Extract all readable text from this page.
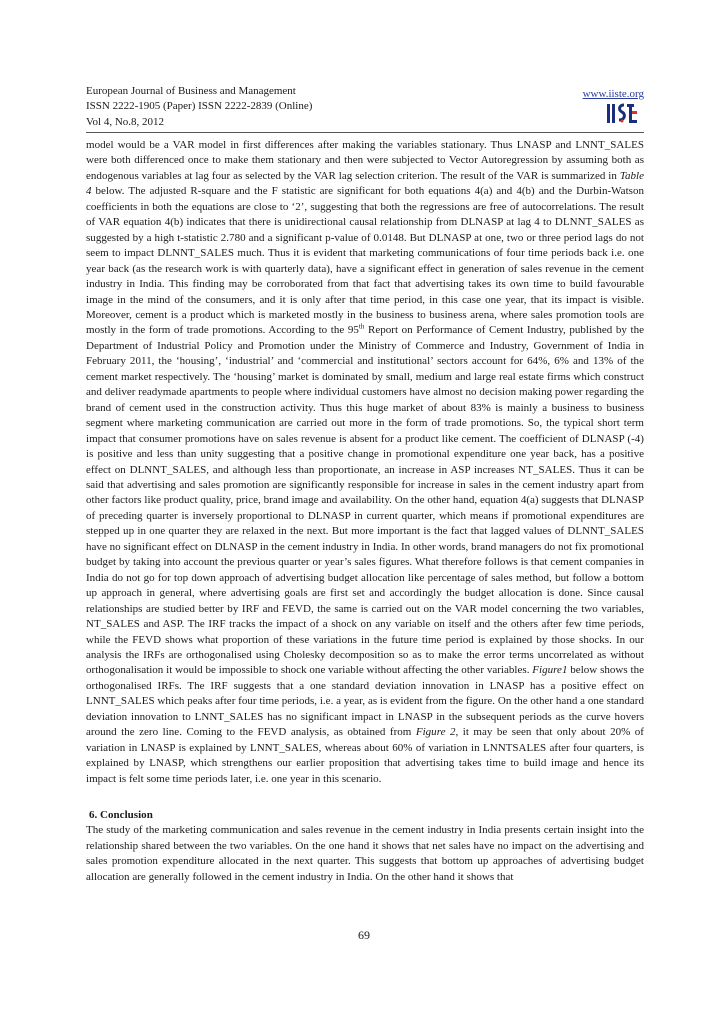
European Journal of Business and Management
ISSN 2222-1905 (Paper) ISSN 2222-2839 (Online)
Vol 4, No.8, 2012
www.iiste.org

model would be a VAR model in first differences after making the variables stationary. Thus LNASP and LNNT_SALES were both differenced once to make them stationary and then were subjected to Vector Autoregression by assuming both as endogenous variables at lag four as selected by the VAR lag selection criterion. The result of the VAR is summarized in Table 4 below. The adjusted R-square and the F statistic are significant for both equations 4(a) and 4(b) and the Durbin-Watson coefficients in both the equations are close to ‘2’, suggesting that both the regressions are free of autocorrelations. The result of VAR equation 4(b) indicates that there is unidirectional causal relationship from DLNASP at lag 4 to DLNNT_SALES as suggested by a high t-statistic 2.780 and a significant p-value of 0.0148. But DLNASP at one, two or three period lags do not seem to impact DLNNT_SALES much. Thus it is evident that marketing communications of four time periods back i.e. one year back (as the research work is with quarterly data), have a significant effect in generation of sales revenue in the cement industry in India. This finding may be corroborated from that fact that advertising takes its own time to build favourable image in the mind of the consumers, and it is only after that time period, in this case one year, that its impact is visible. Moreover, cement is a product which is marketed mostly in the business to business arena, where sales promotion tools are mostly in the form of trade promotions. According to the 95th Report on Performance of Cement Industry, published by the Department of Industrial Policy and Promotion under the Ministry of Commerce and Industry, Government of India in February 2011, the ‘housing’, ‘industrial’ and ‘commercial and institutional’ sectors account for 64%, 6% and 13% of the cement market respectively. The ‘housing’ market is dominated by small, medium and large real estate firms which construct and deliver readymade apartments to people where individual customers have almost no decision making power regarding the brand of cement used in the construction activity. Thus this huge market of about 83% is mainly a business to business segment where marketing communication are carried out more in the form of trade promotions. So, the typical short term impact that consumer promotions have on sales revenue is absent for a product like cement. The coefficient of DLNASP (-4) is positive and less than unity suggesting that a positive change in promotional expenditure one year back, has a positive effect on DLNNT_SALES, and although less than proportionate, an increase in ASP increases NT_SALES. Thus it can be said that advertising and sales promotion are significantly responsible for increase in sales in the cement industry apart from other factors like product quality, price, brand image and availability. On the other hand, equation 4(a) suggests that DLNASP of preceding quarter is inversely proportional to DLNASP in current quarter, which means if promotional expenditures are stepped up in one quarter they are relaxed in the next. But more important is the fact that lagged values of DLNNT_SALES have no significant effect on DLNASP in the cement industry in India. In other words, brand managers do not fix promotional budget by taking into account the previous quarter or year’s sales figures. What therefore follows is that cement companies in India do not go for top down approach of advertising budget allocation like percentage of sales method, but follow a bottom up approach in general, where advertising goals are first set and accordingly the budget allocation is done. Since causal relationships are studied better by IRF and FEVD, the same is carried out on the VAR model concerning the two variables, NT_SALES and ASP. The IRF tracks the impact of a shock on any variable on itself and the others after few time periods, while the FEVD shows what proportion of these variations in the future time period is explained by those shocks. In our analysis the IRFs are orthogonalised using Cholesky decomposition so as to make the error terms uncorrelated as without orthogonalisation it would be impossible to shock one variable without affecting the other variables. Figure1 below shows the orthogonalised IRFs. The IRF suggests that a one standard deviation innovation in LNASP has a positive effect on LNNT_SALES which peaks after four time periods, i.e. a year, as is evident from the figure. On the other hand a one standard deviation innovation to LNNT_SALES has no significant impact in LNASP in the subsequent periods as the curve hovers around the zero line. Coming to the FEVD analysis, as obtained from Figure 2, it may be seen that only about 20% of variation in LNASP is explained by LNNT_SALES, whereas about 60% of variation in LNNTSALES after four quarters, is explained by LNASP, which strengthens our earlier proposition that advertising takes time to build image and hence its impact is felt some time periods later, i.e. one year in this scenario.

6. Conclusion

The study of the marketing communication and sales revenue in the cement industry in India presents certain insight into the relationship shared between the two variables. On the one hand it shows that net sales have no impact on the advertising and sales promotion expenditure allocated in the next quarter. This suggests that bottom up approaches of advertising budget allocation are generally followed in the cement industry in India. On the other hand it shows that

69
